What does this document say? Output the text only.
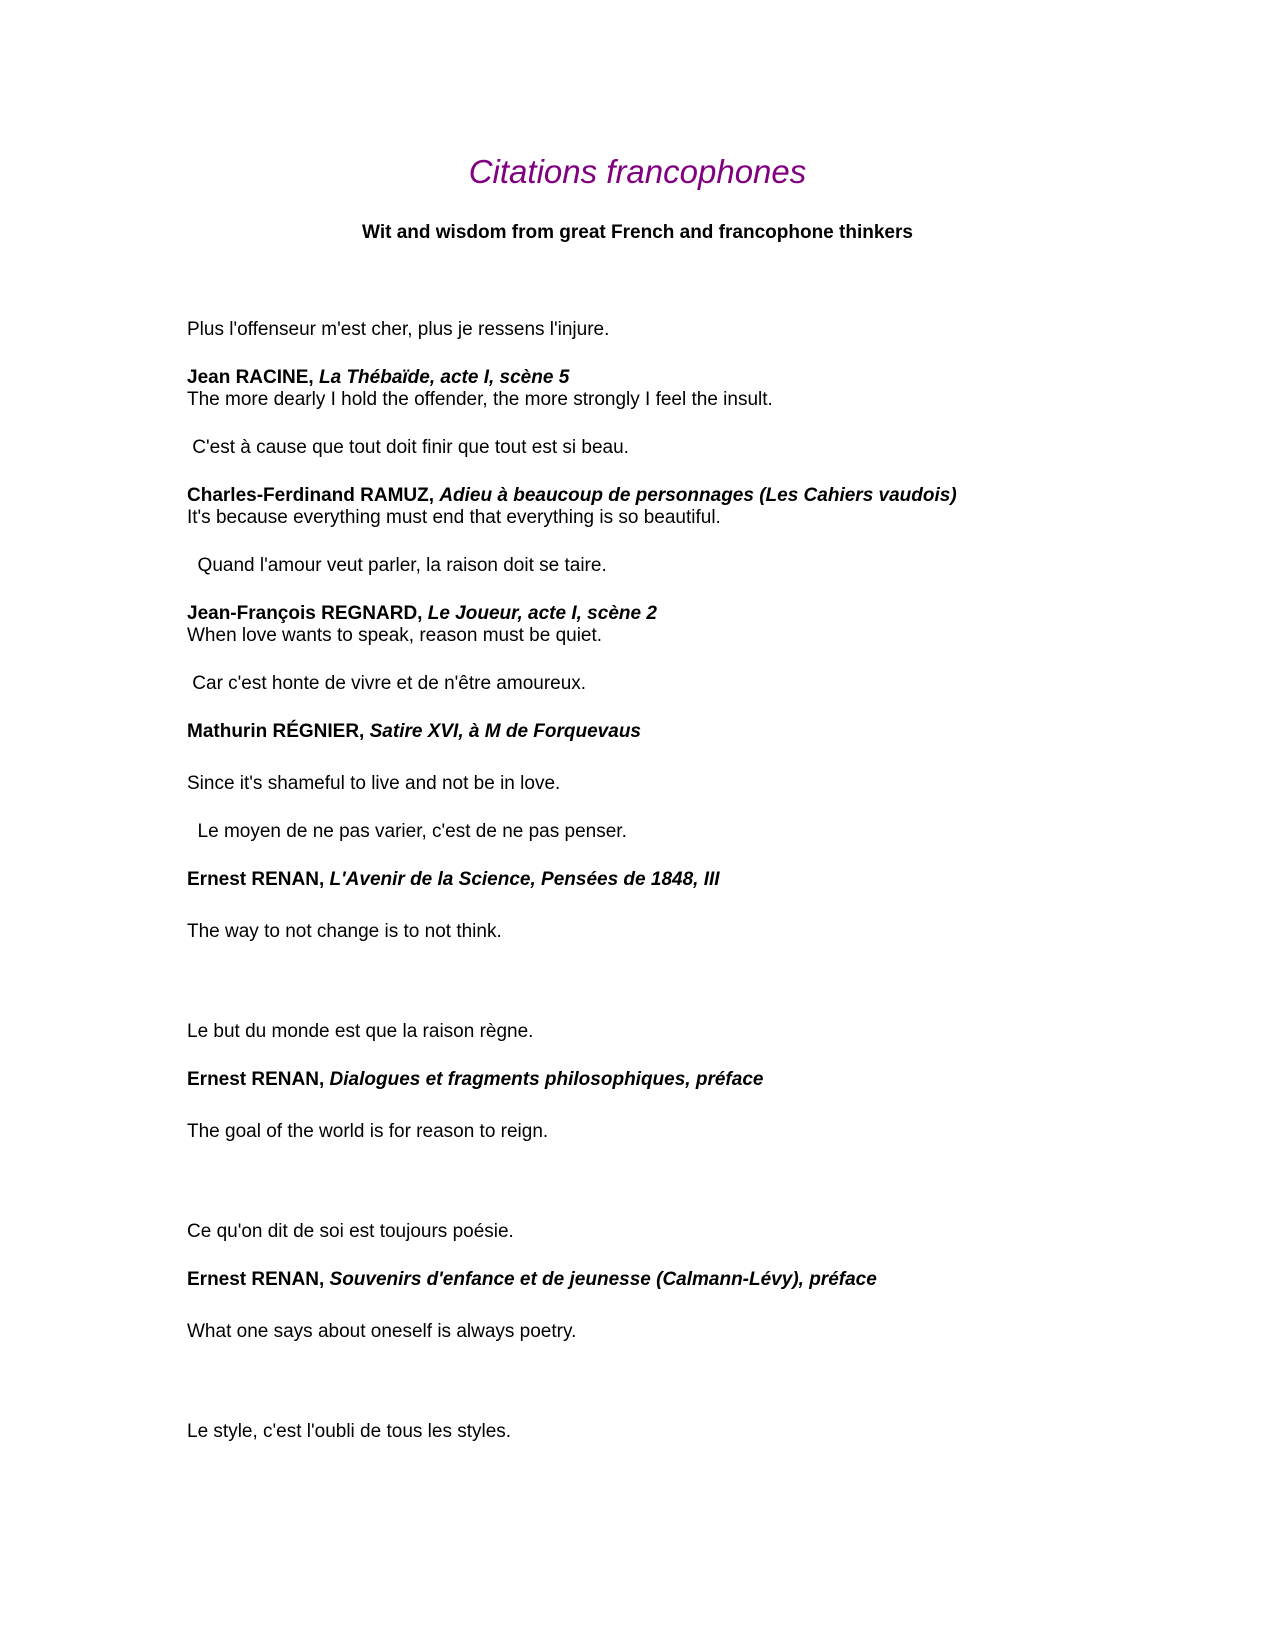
Citations francophones
Wit and wisdom from great French and francophone thinkers
Plus l'offenseur m'est cher, plus je ressens l'injure.
Jean RACINE, La Thébaïde, acte I, scène 5
The more dearly I hold the offender, the more strongly I feel the insult.
C'est à cause que tout doit finir que tout est si beau.
Charles-Ferdinand RAMUZ, Adieu à beaucoup de personnages (Les Cahiers vaudois)
It's because everything must end that everything is so beautiful.
Quand l'amour veut parler, la raison doit se taire.
Jean-François REGNARD, Le Joueur, acte I, scène 2
When love wants to speak, reason must be quiet.
Car c'est honte de vivre et de n'être amoureux.
Mathurin RÉGNIER, Satire XVI, à M de Forquevaus
Since it's shameful to live and not be in love.
Le moyen de ne pas varier, c'est de ne pas penser.
Ernest RENAN, L'Avenir de la Science, Pensées de 1848, III
The way to not change is to not think.
Le but du monde est que la raison règne.
Ernest RENAN, Dialogues et fragments philosophiques, préface
The goal of the world is for reason to reign.
Ce qu'on dit de soi est toujours poésie.
Ernest RENAN, Souvenirs d'enfance et de jeunesse (Calmann-Lévy), préface
What one says about oneself is always poetry.
Le style, c'est l'oubli de tous les styles.
